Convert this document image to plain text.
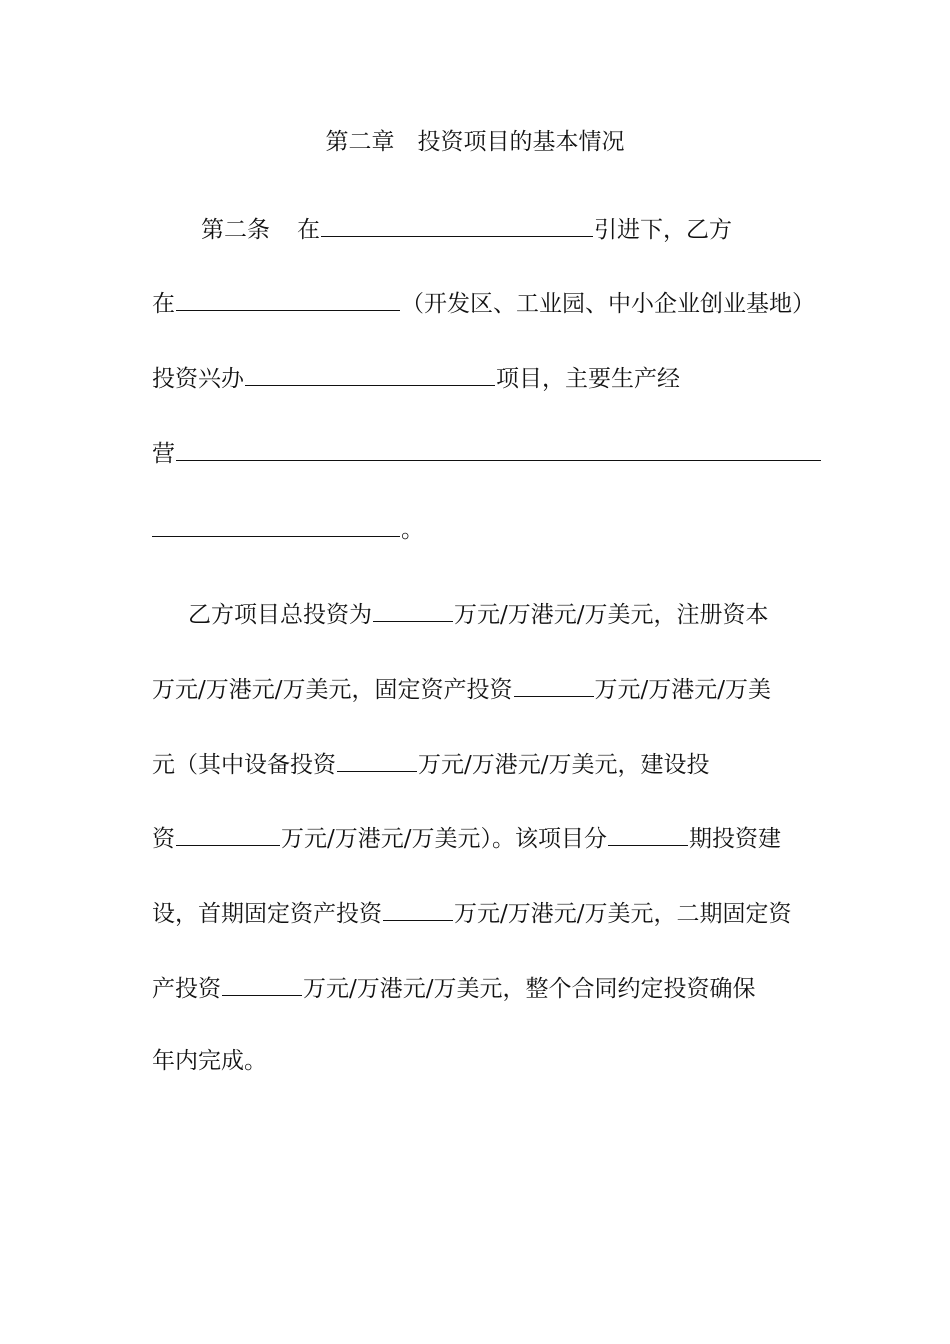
第二章　投资项目的基本情况
第二条 在	引进下，乙方
在	（开发区、工业园、中小企业创业基地）
投资兴办	项目，主要生产经
营
。
乙方项目总投资为	万元/万港元/万美元，注册资本
万元/万港元/万美元，固定资产投资	万元/万港元/万美
元（其中设备投资	万元/万港元/万美元，建设投
资	万元/万港元/万美元）。该项目分	期投资建
设，首期固定资产投资	万元/万港元/万美元，二期固定资
产投资	万元/万港元/万美元，整个合同约定投资确保
年内完成。
